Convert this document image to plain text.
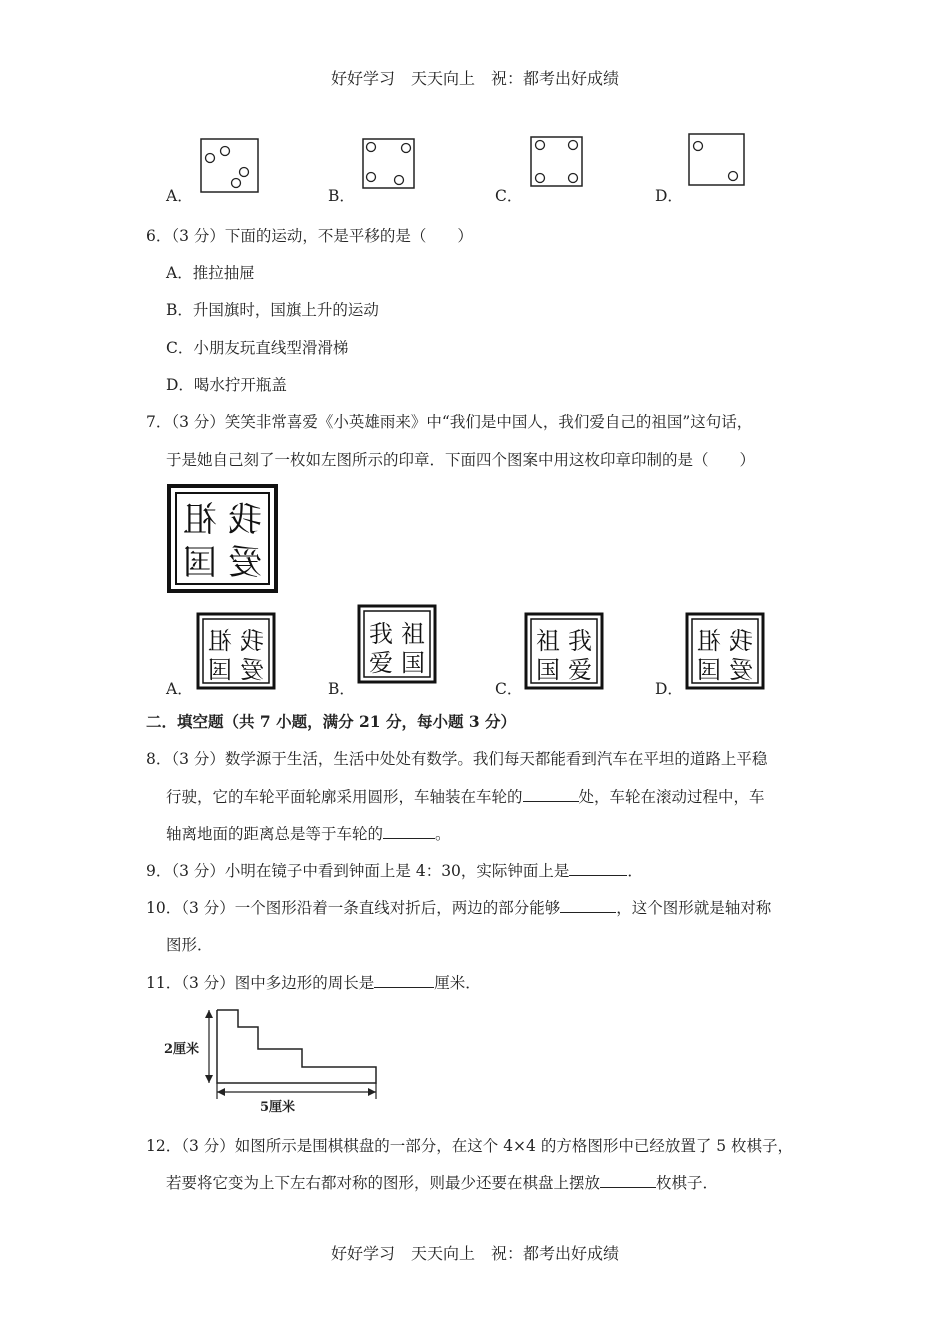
好好学习　天天向上　祝：都考出好成绩
A．	B．	C．	D．
6．（3 分）下面的运动，不是平移的是（　　）
A．推拉抽屉
B．升国旗时，国旗上升的运动
C．小朋友玩直线型滑滑梯
D．喝水拧开瓶盖
7．（3 分）笑笑非常喜爱《小英雄雨来》中“我们是中国人，我们爱自己的祖国”这句话，
于是她自己刻了一枚如左图所示的印章．下面四个图案中用这枚印章印制的是（　　）
祖 我
国 爱
A．
祖 我
国 爱
B．
我 祖
爱 国
C．
祖 我
国 爱
D．
祖 我
国 爱
二．填空题（共 7 小题，满分 21 分，每小题 3 分）
8．（3 分）数学源于生活，生活中处处有数学。我们每天都能看到汽车在平坦的道路上平稳
行驶，它的车轮平面轮廓采用圆形，车轴装在车轮的	处，车轮在滚动过程中，车
轴离地面的距离总是等于车轮的	。
9．（3 分）小明在镜子中看到钟面上是 4：30，实际钟面上是	．
10．（3 分）一个图形沿着一条直线对折后，两边的部分能够	，这个图形就是轴对称
图形．
11．（3 分）图中多边形的周长是	厘米．
2厘米
5厘米
12．（3 分）如图所示是围棋棋盘的一部分，在这个 4×4 的方格图形中已经放置了 5 枚棋子，
若要将它变为上下左右都对称的图形，则最少还要在棋盘上摆放	枚棋子．
好好学习　天天向上　祝：都考出好成绩
